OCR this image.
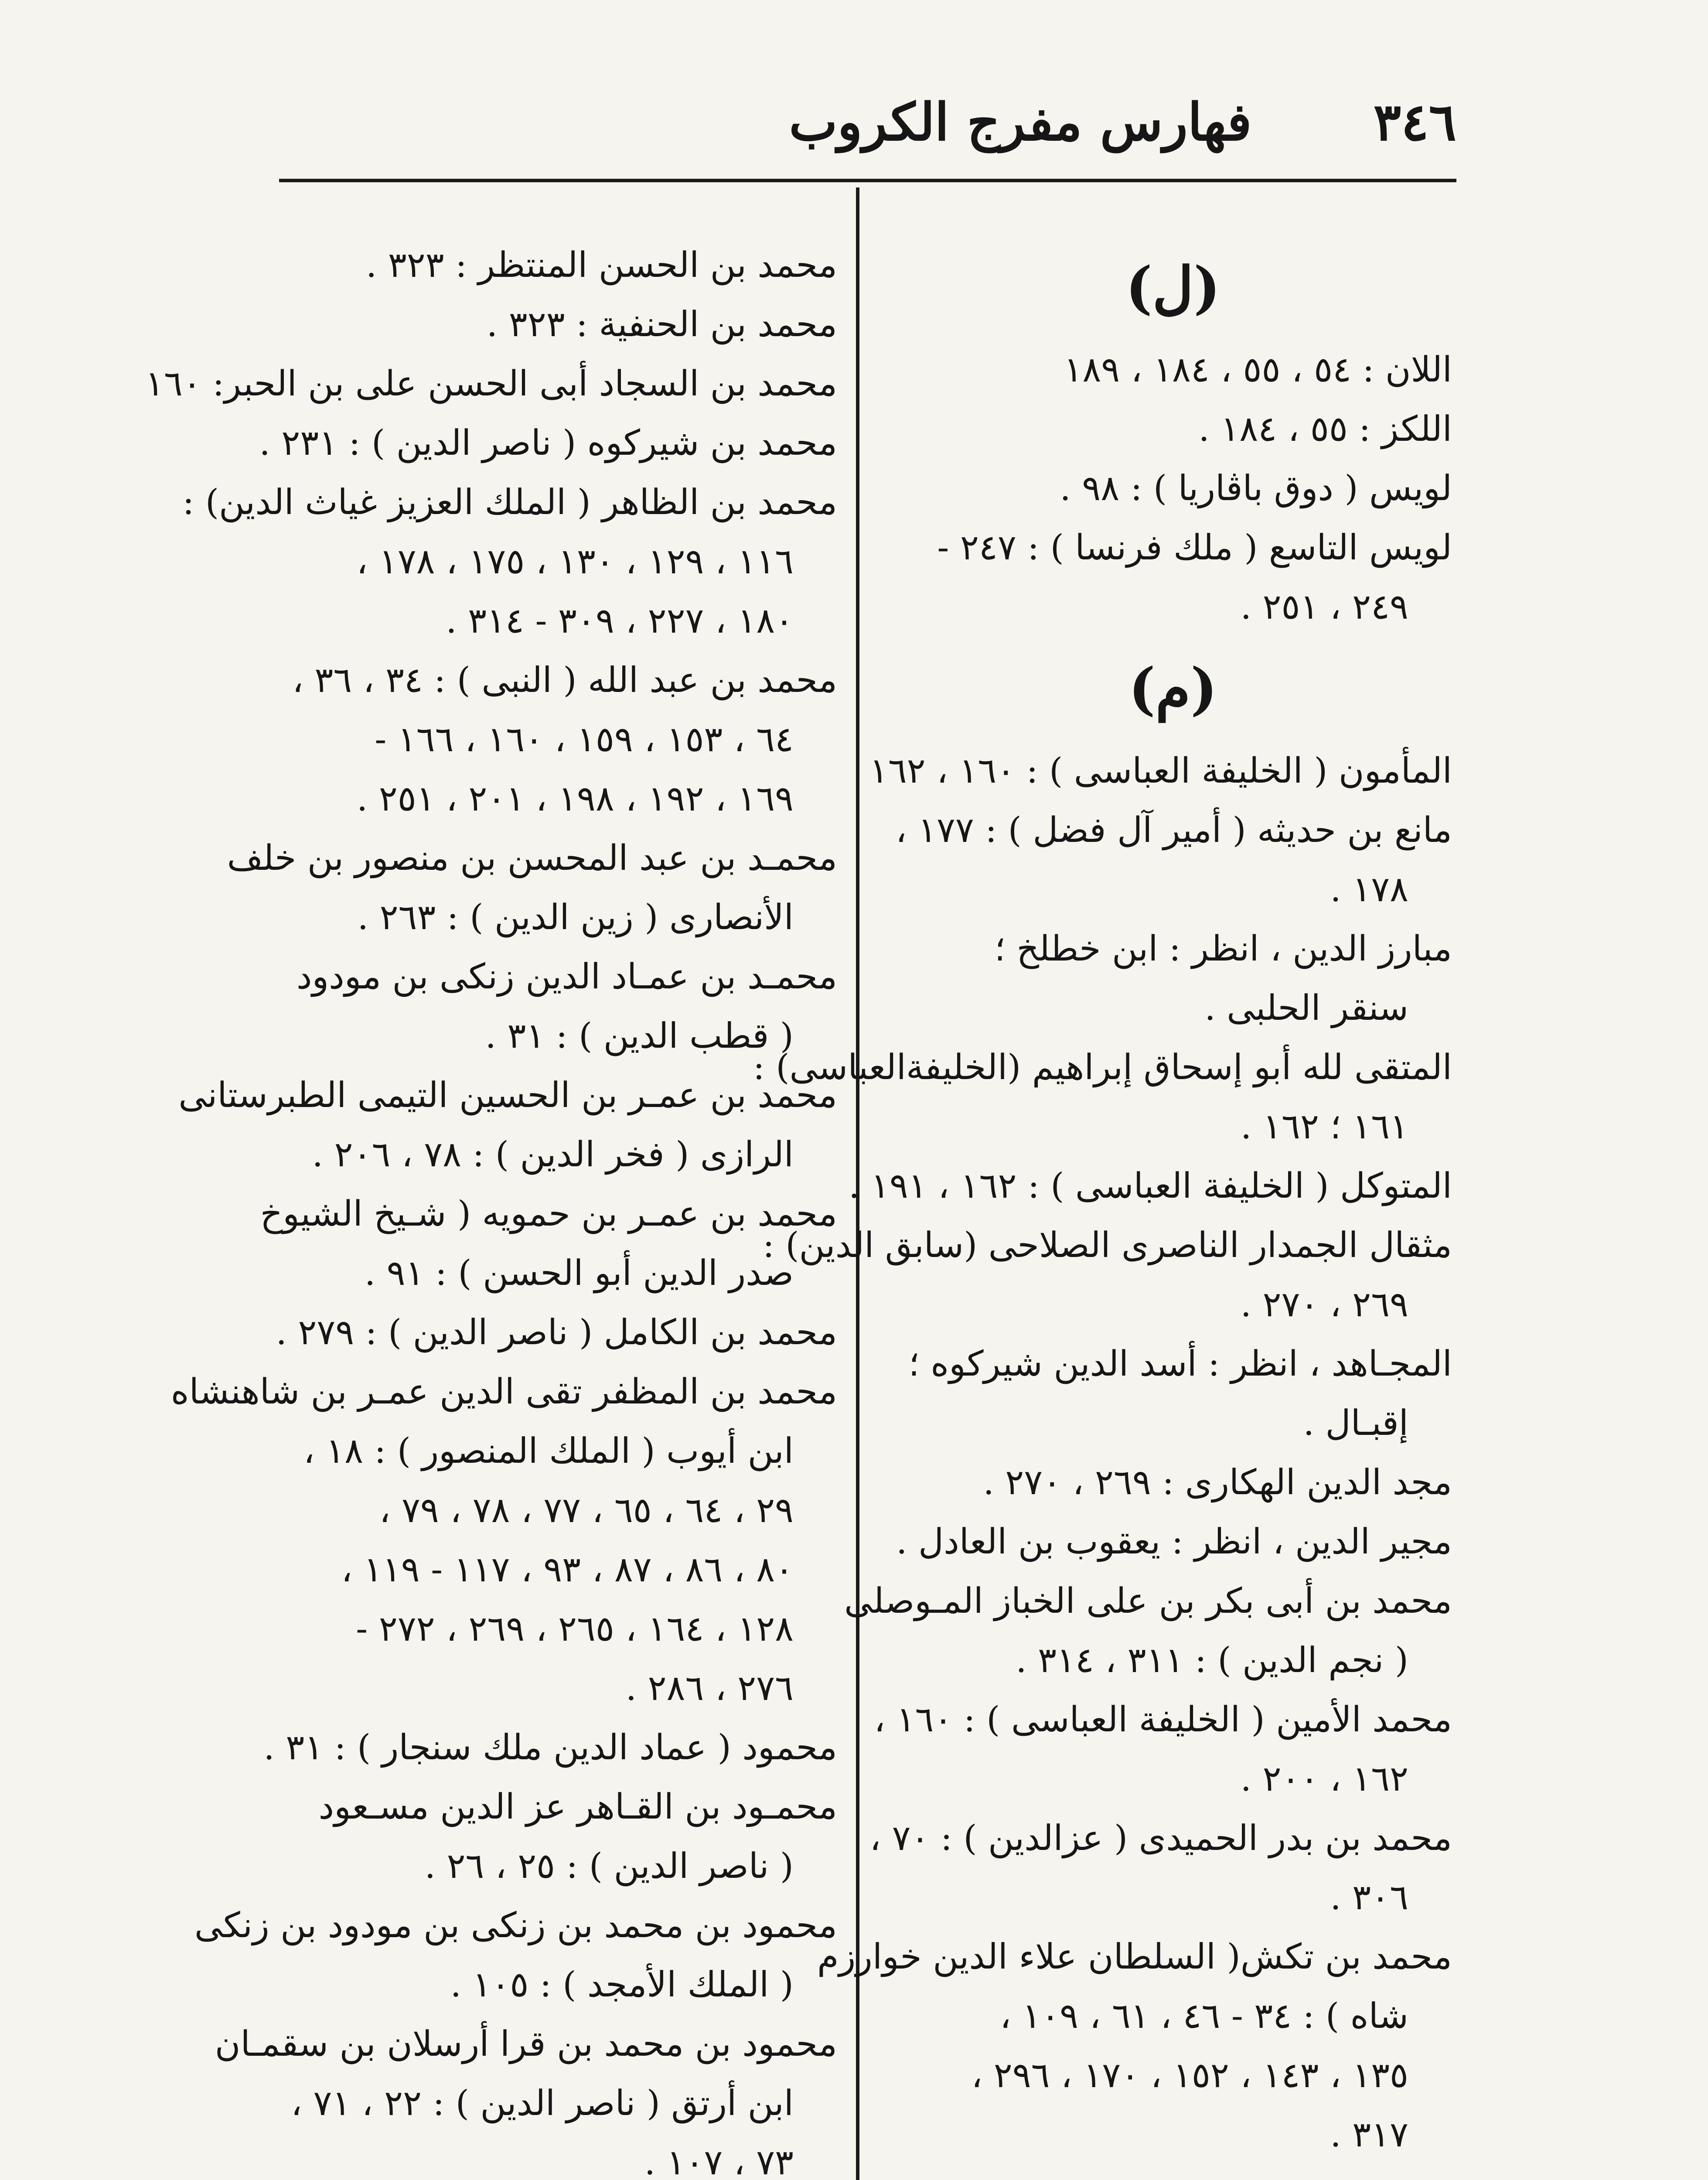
٣٤٦
فهارس مفرج الكروب
(ل)
اللان : ٥٤ ، ٥٥ ، ١٨٤ ، ١٨٩
اللكز : ٥٥ ، ١٨٤ .
لويس ( دوق باڤاريا ) : ٩٨ .
لويس التاسع ( ملك فرنسا ) : ٢٤٧ -
٢٤٩ ، ٢٥١ .
(م)
المأمون ( الخليفة العباسى ) : ١٦٠ ، ١٦٢
مانع بن حديثه ( أمير آل فضل ) : ١٧٧ ،
١٧٨ .
مبارز الدين ، انظر : ابن خطلخ ؛
سنقر الحلبى .
المتقى لله أبو إسحاق إبراهيم (الخليفةالعباسى) :
١٦١ ؛ ١٦٢ .
المتوكل ( الخليفة العباسى ) : ١٦٢ ، ١٩١ .
مثقال الجمدار الناصرى الصلاحى (سابق الدين) :
٢٦٩ ، ٢٧٠ .
المجـاهد ، انظر : أسد الدين شيركوه ؛
إقبـال .
مجد الدين الهكارى : ٢٦٩ ، ٢٧٠ .
مجير الدين ، انظر : يعقوب بن العادل .
محمد بن أبى بكر بن على الخباز المـوصلى
( نجم الدين ) : ٣١١ ، ٣١٤ .
محمد الأمين ( الخليفة العباسى ) : ١٦٠ ،
١٦٢ ، ٢٠٠ .
محمد بن بدر الحميدى ( عزالدين ) : ٧٠ ،
٣٠٦ .
محمد بن تكش( السلطان علاء الدين خوارزم
شاه ) : ٣٤ - ٤٦ ، ٦١ ، ١٠٩ ،
١٣٥ ، ١٤٣ ، ١٥٢ ، ١٧٠ ، ٢٩٦ ،
٣١٧ .
محمد بن الحسن المنتظر : ٣٢٣ .
محمد بن الحنفية : ٣٢٣ .
محمد بن السجاد أبى الحسن على بن الحبر: ١٦٠
محمد بن شيركوه ( ناصر الدين ) : ٢٣١ .
محمد بن الظاهر ( الملك العزيز غياث الدين) :
١١٦ ، ١٢٩ ، ١٣٠ ، ١٧٥ ، ١٧٨ ،
١٨٠ ، ٢٢٧ ، ٣٠٩ - ٣١٤ .
محمد بن عبد الله ( النبى ) : ٣٤ ، ٣٦ ،
٦٤ ، ١٥٣ ، ١٥٩ ، ١٦٠ ، ١٦٦ -
١٦٩ ، ١٩٢ ، ١٩٨ ، ٢٠١ ، ٢٥١ .
محمـد بن عبد المحسن بن منصور بن خلف
الأنصارى ( زين الدين ) : ٢٦٣ .
محمـد بن عمـاد الدين زنكى بن مودود
( قطب الدين ) : ٣١ .
محمد بن عمـر بن الحسين التيمى الطبرستانى
الرازى ( فخر الدين ) : ٧٨ ، ٢٠٦ .
محمد بن عمـر بن حمويه ( شـيخ الشيوخ
صدر الدين أبو الحسن ) : ٩١ .
محمد بن الكامل ( ناصر الدين ) : ٢٧٩ .
محمد بن المظفر تقى الدين عمـر بن شاهنشاه
ابن أيوب ( الملك المنصور ) : ١٨ ،
٢٩ ، ٦٤ ، ٦٥ ، ٧٧ ، ٧٨ ، ٧٩ ،
٨٠ ، ٨٦ ، ٨٧ ، ٩٣ ، ١١٧ - ١١٩ ،
١٢٨ ، ١٦٤ ، ٢٦٥ ، ٢٦٩ ، ٢٧٢ -
٢٧٦ ، ٢٨٦ .
محمود ( عماد الدين ملك سنجار ) : ٣١ .
محمـود بن القـاهر عز الدين مسـعود
( ناصر الدين ) : ٢٥ ، ٢٦ .
محمود بن محمد بن زنكى بن مودود بن زنكى
( الملك الأمجد ) : ١٠٥ .
محمود بن محمد بن قرا أرسلان بن سقمـان
ابن أرتق ( ناصر الدين ) : ٢٢ ، ٧١ ،
٧٣ ، ١٠٧ .
